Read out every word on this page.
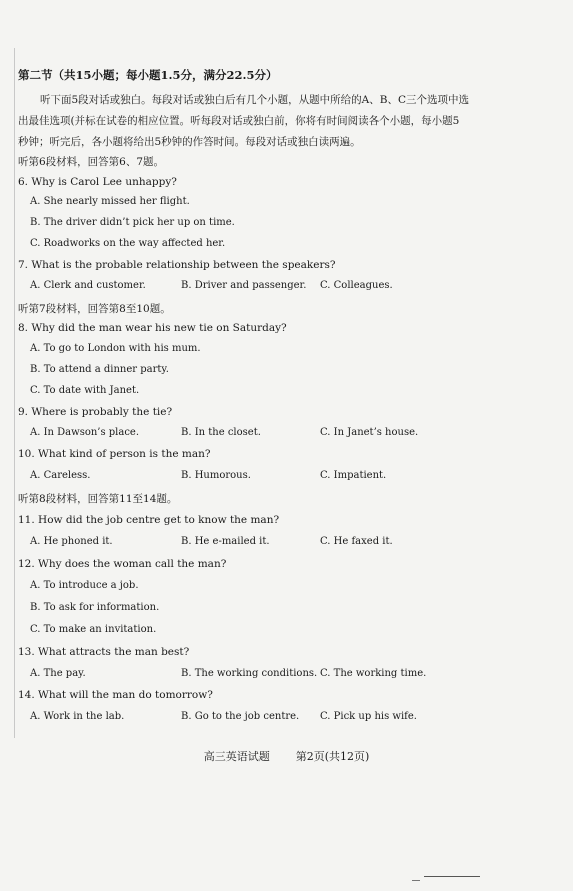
第二节（共15小题；每小题1.5分，满分22.5分）
听下面5段对话或独白。每段对话或独白后有几个小题，从题中所给的A、B、C三个选项中选
出最佳选项(并标在试卷的相应位置。听每段对话或独白前，你将有时间阅读各个小题，每小题5
秒钟；听完后，各小题将给出5秒钟的作答时间。每段对话或独白读两遍。
听第6段材料，回答第6、7题。
6. Why is Carol Lee unhappy?
A. She nearly missed her flight.
B. The driver didn’t pick her up on time.
C. Roadworks on the way affected her.
7. What is the probable relationship between the speakers?
A. Clerk and customer.	B. Driver and passenger. C. Colleagues.
听第7段材料，回答第8至10题。
8. Why did the man wear his new tie on Saturday?
A. To go to London with his mum.
B. To attend a dinner party.
C. To date with Janet.
9. Where is probably the tie?
A. In Dawson’s place.	B. In the closet.	C. In Janet’s house.
10. What kind of person is the man?
A. Careless.	B. Humorous.	C. Impatient.
听第8段材料，回答第11至14题。
11. How did the job centre get to know the man?
A. He phoned it.	B. He e-mailed it.	C. He faxed it.
12. Why does the woman call the man?
A. To introduce a job.
B. To ask for information.
C. To make an invitation.
13. What attracts the man best?
A. The pay.	B. The working conditions. C. The working time.
14. What will the man do tomorrow?
A. Work in the lab.	B. Go to the job centre. C. Pick up his wife.
高三英语试题 第2页(共12页)
